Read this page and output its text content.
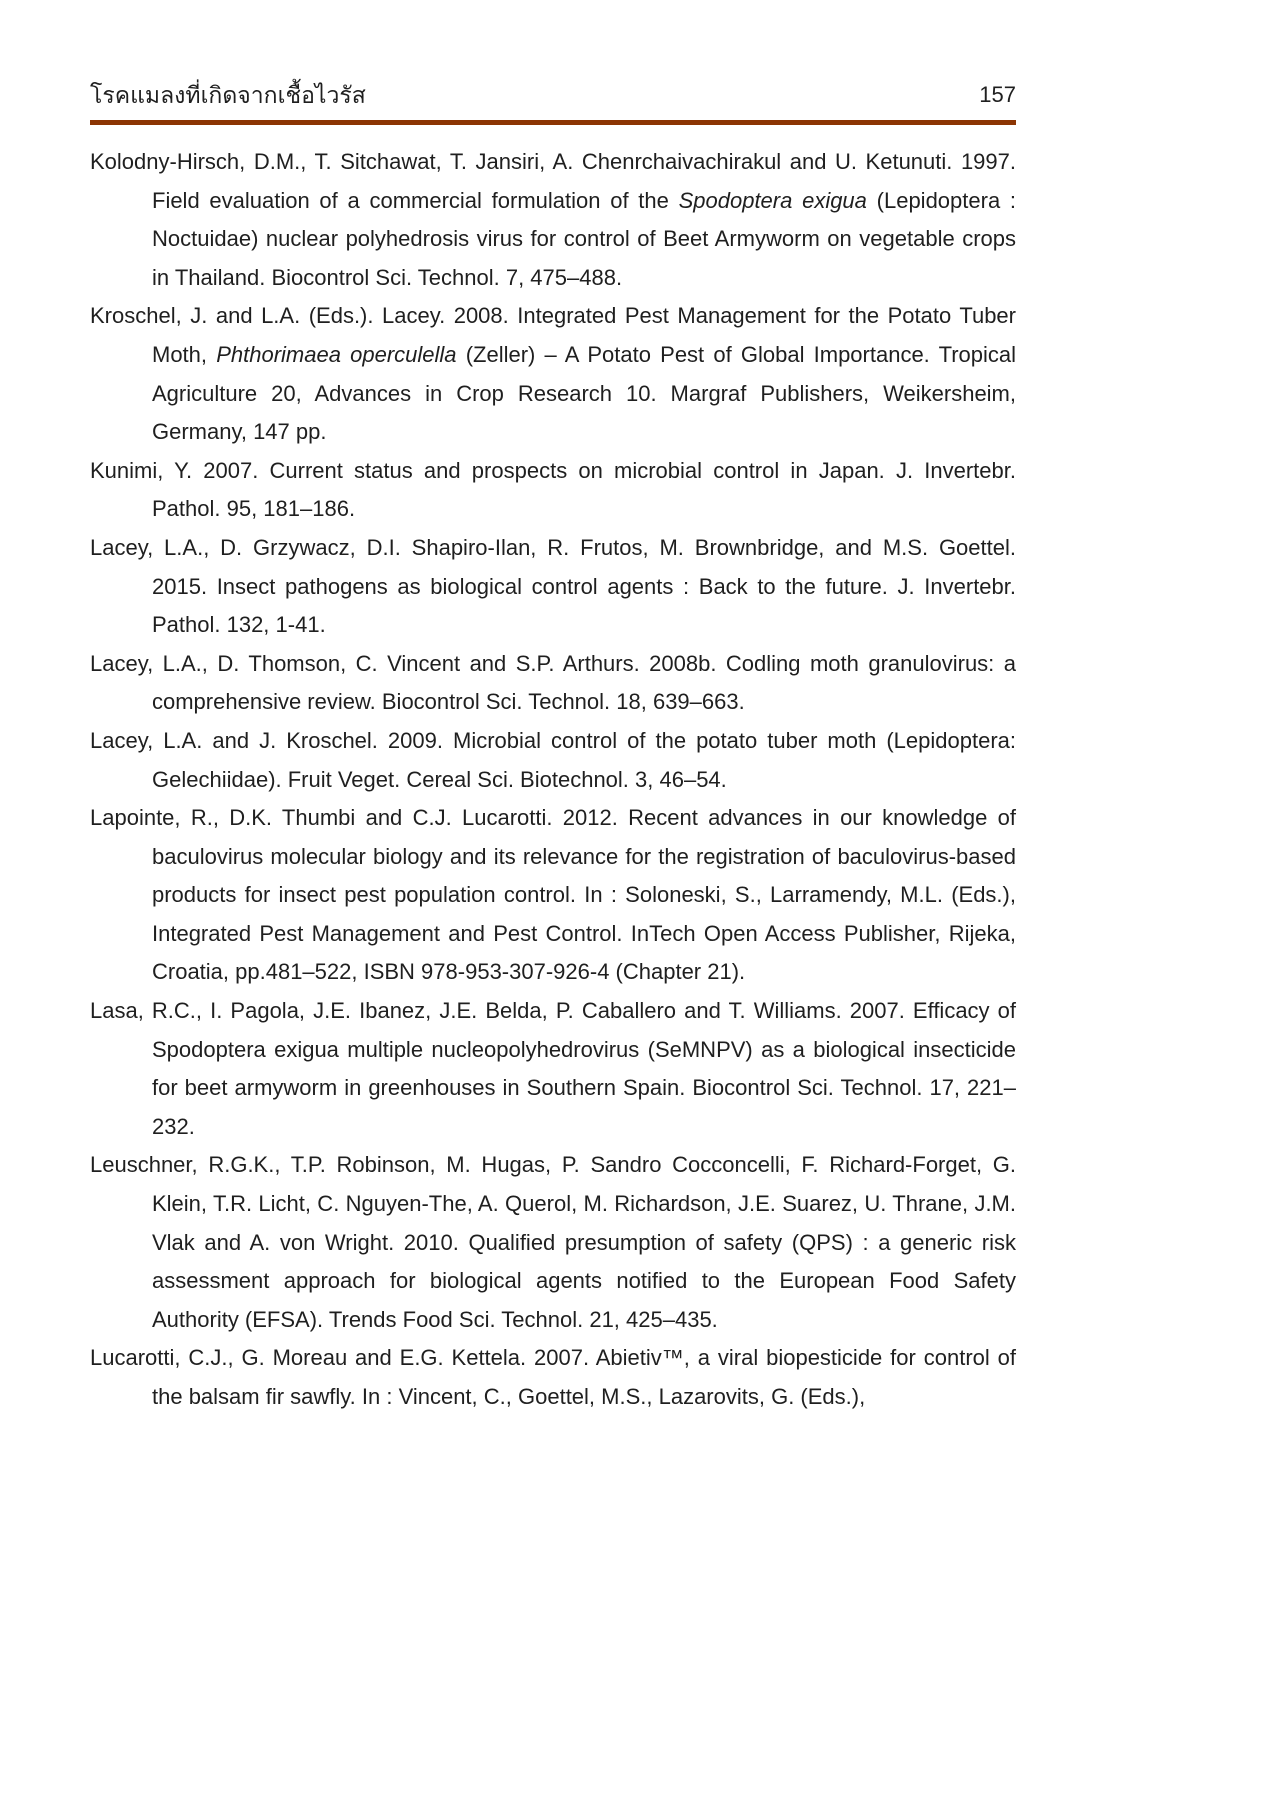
โรคแมลงที่เกิดจากเชื้อไวรัส	157

Kolodny-Hirsch, D.M., T. Sitchawat, T. Jansiri, A. Chenrchaivachirakul and U. Ketunuti. 1997. Field evaluation of a commercial formulation of the Spodoptera exigua (Lepidoptera : Noctuidae) nuclear polyhedrosis virus for control of Beet Armyworm on vegetable crops in Thailand. Biocontrol Sci. Technol. 7, 475–488.

Kroschel, J. and L.A. (Eds.). Lacey. 2008. Integrated Pest Management for the Potato Tuber Moth, Phthorimaea operculella (Zeller) – A Potato Pest of Global Importance. Tropical Agriculture 20, Advances in Crop Research 10. Margraf Publishers, Weikersheim, Germany, 147 pp.

Kunimi, Y. 2007. Current status and prospects on microbial control in Japan. J. Invertebr. Pathol. 95, 181–186.

Lacey, L.A., D. Grzywacz, D.I. Shapiro-Ilan, R. Frutos, M. Brownbridge, and M.S. Goettel. 2015. Insect pathogens as biological control agents : Back to the future. J. Invertebr. Pathol. 132, 1-41.

Lacey, L.A., D. Thomson, C. Vincent and S.P. Arthurs. 2008b. Codling moth granulovirus: a comprehensive review. Biocontrol Sci. Technol. 18, 639–663.

Lacey, L.A. and J. Kroschel. 2009. Microbial control of the potato tuber moth (Lepidoptera: Gelechiidae). Fruit Veget. Cereal Sci. Biotechnol. 3, 46–54.

Lapointe, R., D.K. Thumbi and C.J. Lucarotti. 2012. Recent advances in our knowledge of baculovirus molecular biology and its relevance for the registration of baculovirus-based products for insect pest population control. In : Soloneski, S., Larramendy, M.L. (Eds.), Integrated Pest Management and Pest Control. InTech Open Access Publisher, Rijeka, Croatia, pp.481–522, ISBN 978-953-307-926-4 (Chapter 21).

Lasa, R.C., I. Pagola, J.E. Ibanez, J.E. Belda, P. Caballero and T. Williams. 2007. Efficacy of Spodoptera exigua multiple nucleopolyhedrovirus (SeMNPV) as a biological insecticide for beet armyworm in greenhouses in Southern Spain. Biocontrol Sci. Technol. 17, 221–232.

Leuschner, R.G.K., T.P. Robinson, M. Hugas, P. Sandro Cocconcelli, F. Richard-Forget, G. Klein, T.R. Licht, C. Nguyen-The, A. Querol, M. Richardson, J.E. Suarez, U. Thrane, J.M. Vlak and A. von Wright. 2010. Qualified presumption of safety (QPS) : a generic risk assessment approach for biological agents notified to the European Food Safety Authority (EFSA). Trends Food Sci. Technol. 21, 425–435.

Lucarotti, C.J., G. Moreau and E.G. Kettela. 2007. Abietiv™, a viral biopesticide for control of the balsam fir sawfly. In : Vincent, C., Goettel, M.S., Lazarovits, G. (Eds.),
